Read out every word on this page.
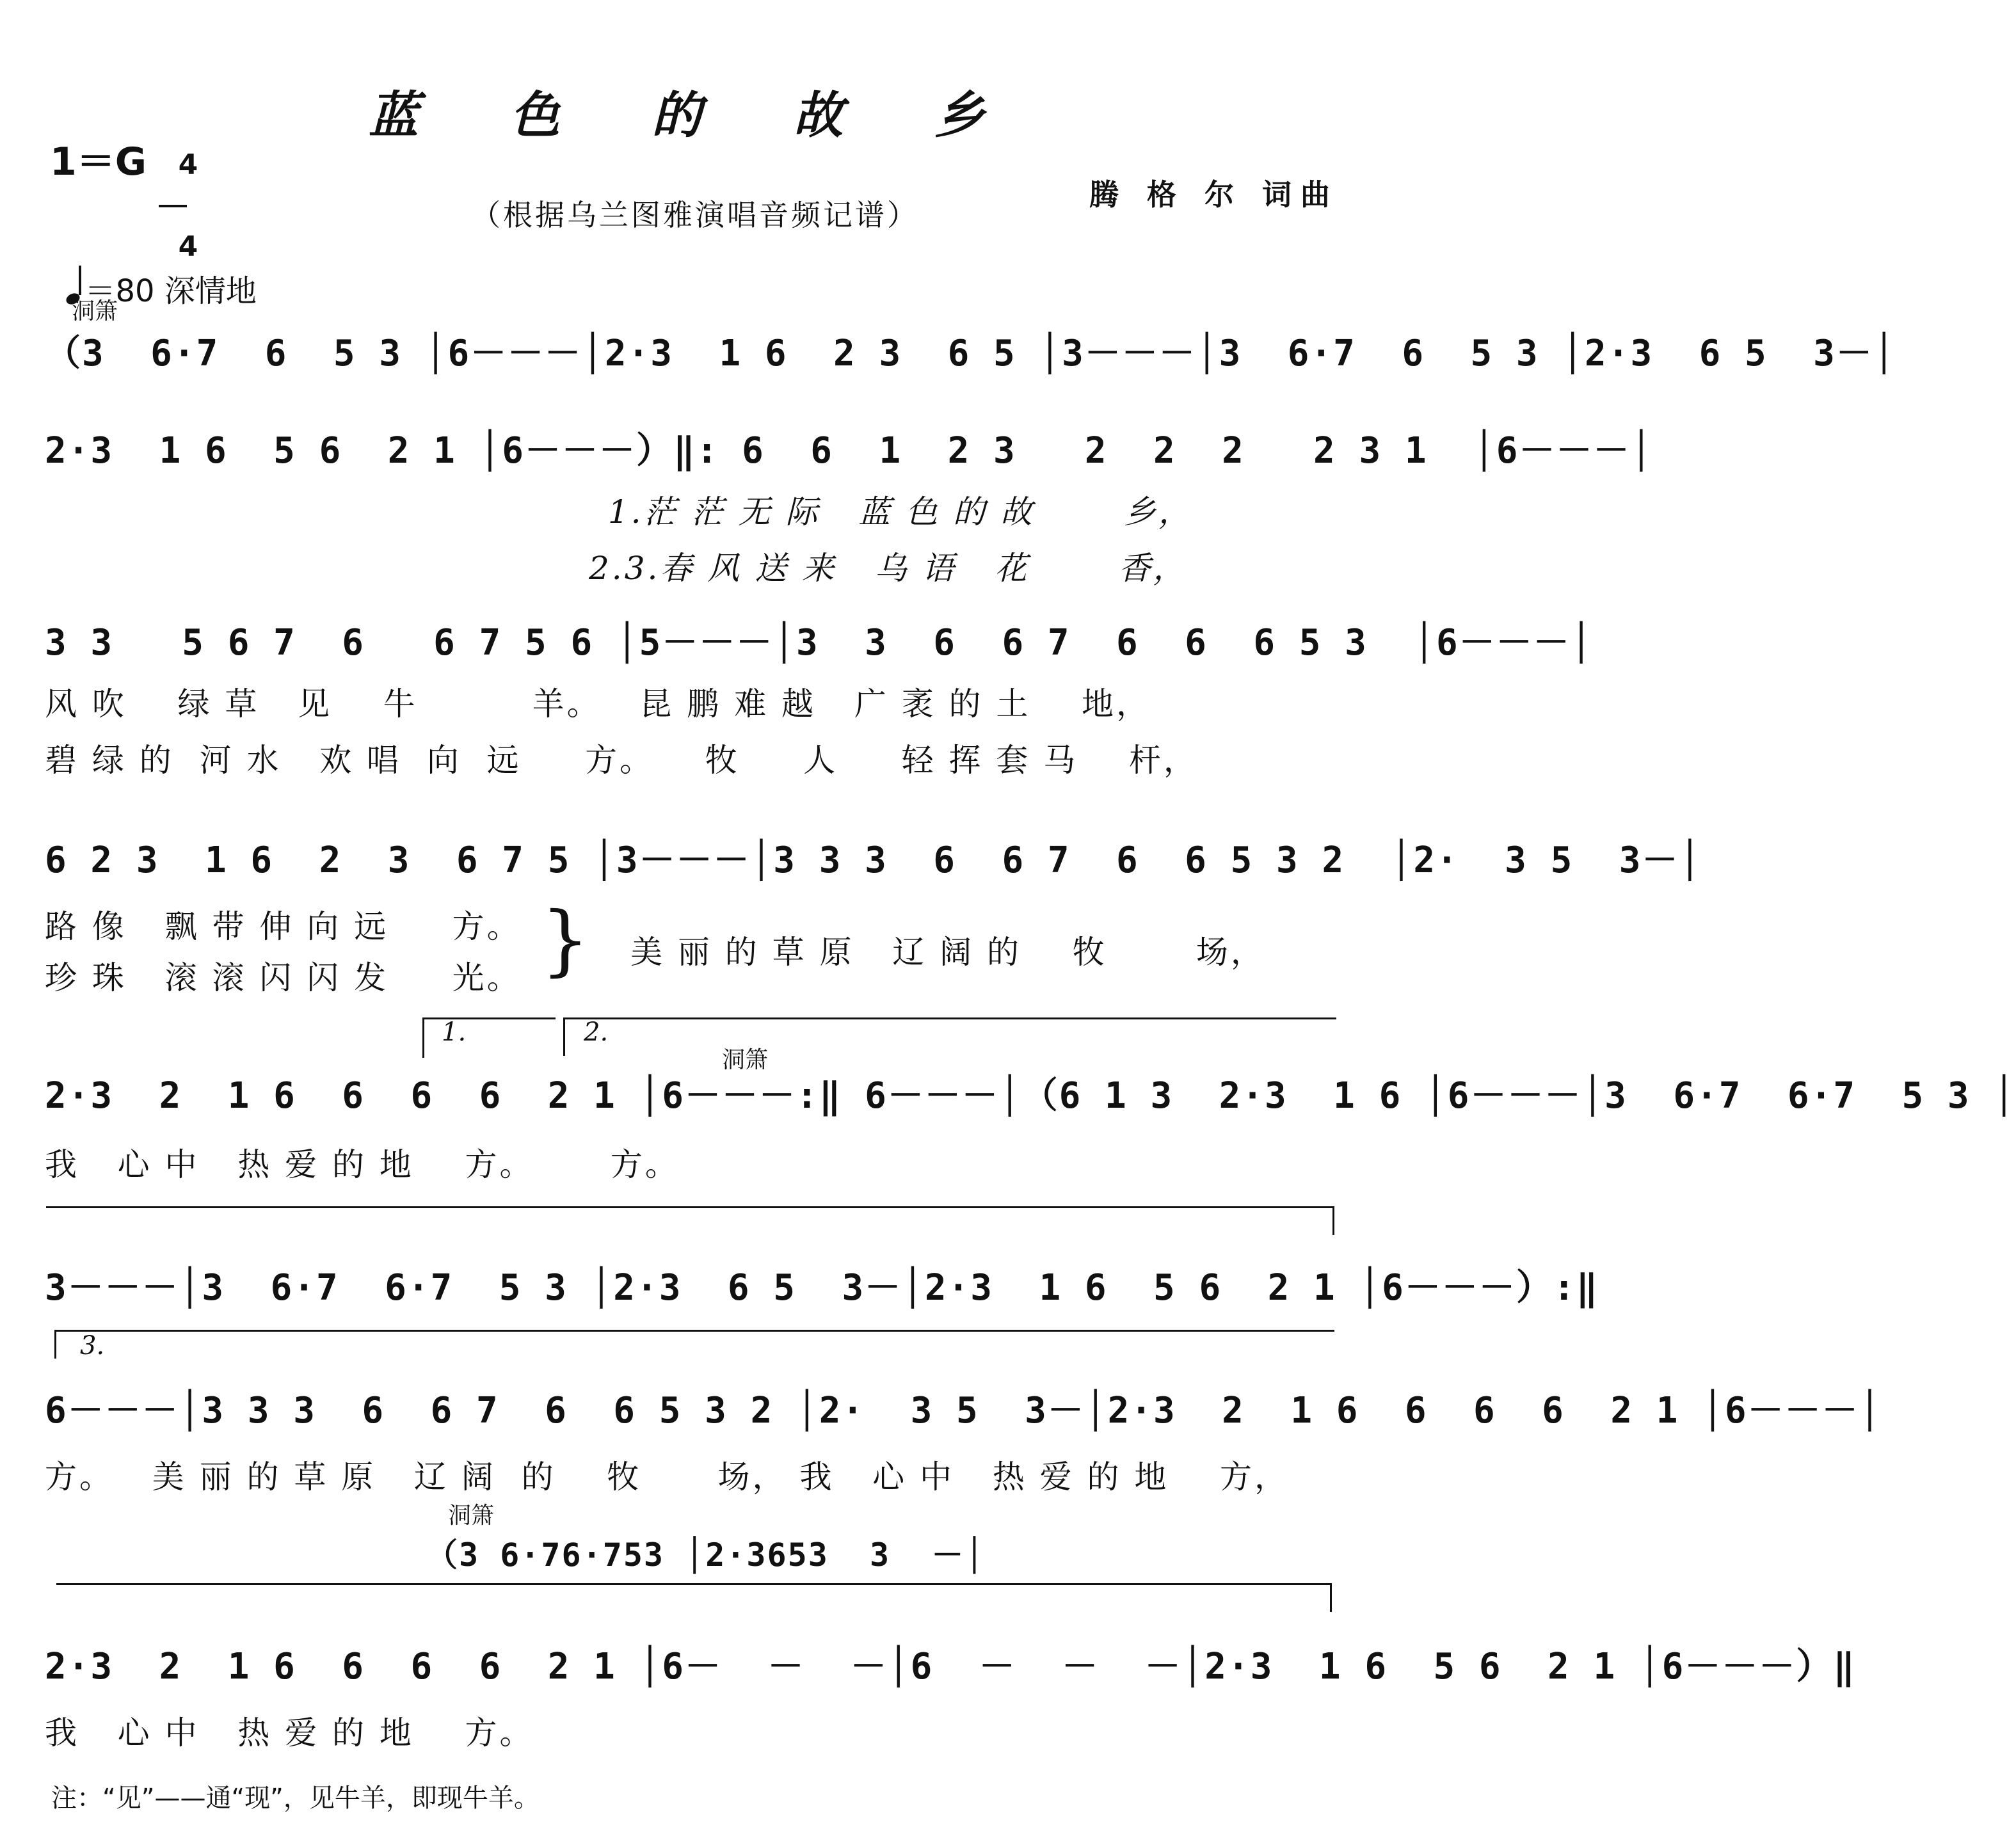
蓝 色 的 故 乡
（根据乌兰图雅演唱音频记谱）
腾 格 尔 词曲
1＝G	4

4

＝80 深情地

洞箫
（3  6·7  6  5 3 │6－－－│2·3  1 6  2 3  6 5 │3－－－│3  6·7  6  5 3 │2·3  6 5  3－│
2·3  1 6  5 6  2 1 │6－－－）‖: 6  6  1  2 3   2  2  2   2 3 1  │6－－－│
1.茫 茫 无 际   蓝 色 的 故       乡，
2.3.春 风 送 来   乌 语   花       香，
3 3   5 6 7  6   6 7 5 6 │5－－－│3  3  6  6 7  6  6  6 5 3  │6－－－│
风 吹    绿 草   见    牛         羊。   昆 鹏 难 越   广 袤 的 土    地，
碧 绿 的  河 水   欢 唱  向  远     方。    牧     人     轻 挥 套 马    杆，
6 2 3  1 6  2  3  6 7 5 │3－－－│3 3 3  6  6 7  6  6 5 3 2  │2·  3 5  3－│
路 像   飘 带 伸 向 远     方。
珍 珠   滚 滚 闪 闪 发     光。 } 美 丽 的 草 原   辽 阔 的    牧       场，
1.	2.
洞箫
2·3  2  1 6  6  6  6  2 1 │6－－－:‖ 6－－－│（6 1 3  2·3  1 6 │6－－－│3  6·7  6·7  5 3 │
我   心 中   热 爱 的 地    方。      方。
3－－－│3  6·7  6·7  5 3 │2·3  6 5  3－│2·3  1 6  5 6  2 1 │6－－－）:‖
3.
6－－－│3 3 3  6  6 7  6  6 5 3 2 │2·  3 5  3－│2·3  2  1 6  6  6  6  2 1 │6－－－│
方。   美 丽 的 草 原   辽 阔  的    牧      场， 我   心 中   热 爱 的 地    方，
洞箫
（3 6·76·753 │2·3653  3  －│
2·3  2  1 6  6  6  6  2 1 │6－  －  －│6  －  －  －│2·3  1 6  5 6  2 1 │6－－－）‖
我   心 中   热 爱 的 地    方。
注：“见”——通“现”，见牛羊，即现牛羊。
